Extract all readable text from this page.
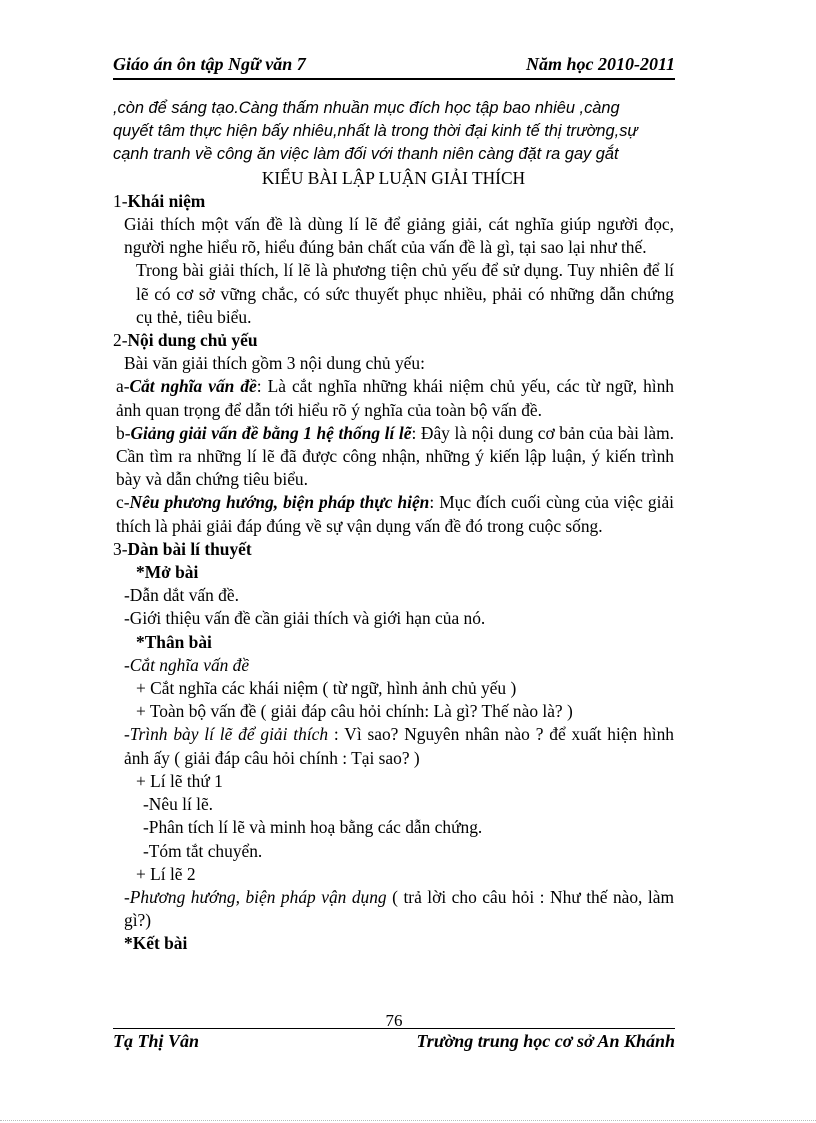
Giáo án ôn tập Ngữ văn 7	Năm học 2010-2011

,còn để sáng tạo.Càng thấm nhuần mục đích học tập bao nhiêu ,càng

quyết tâm thực hiện bấy nhiêu,nhất là trong thời đại kinh tế thị trường,sự

cạnh tranh về công ăn việc làm đối với thanh niên càng đặt ra gay gắt

KIỂU BÀI LẬP LUẬN GIẢI THÍCH

1-Khái niệm

Giải thích một vấn đề là dùng lí lẽ để giảng giải, cát nghĩa giúp người đọc, người nghe hiểu rõ, hiểu đúng bản chất của vấn đề là gì, tại sao lại như thế.

Trong bài giải thích, lí lẽ là phương tiện chủ yếu để sử dụng. Tuy nhiên để lí lẽ có cơ sở vững chắc, có sức thuyết phục nhiều, phải có những dẫn chứng cụ thẻ, tiêu biểu.

2-Nội dung chủ yếu

Bài văn giải thích gồm 3 nội dung chủ yếu:

a-Cắt nghĩa vấn đề: Là cắt nghĩa những khái niệm chủ yếu, các từ ngữ, hình ảnh quan trọng để dẫn tới hiểu rõ ý nghĩa của toàn bộ vấn đề.

b-Giảng giải vấn đề bằng 1 hệ thống lí lẽ: Đây là nội dung cơ bản của bài làm. Cần tìm ra những lí lẽ đã được công nhận, những ý kiến lập luận, ý kiến trình bày và dẫn chứng tiêu biểu.

c-Nêu phương hướng, biện pháp thực hiện: Mục đích cuối cùng của việc giải thích là phải giải đáp đúng về sự vận dụng vấn đề đó trong cuộc sống.

3-Dàn bài lí thuyết

*Mở bài

-Dẫn dắt vấn đề.

-Giới thiệu vấn đề cần giải thích và giới hạn của nó.

*Thân bài

-Cắt nghĩa vấn đề

+ Cắt nghĩa các khái niệm ( từ ngữ, hình ảnh chủ yếu )

+ Toàn bộ vấn đề ( giải đáp câu hỏi chính: Là gì? Thế nào là? )

-Trình bày lí lẽ để giải thích : Vì sao? Nguyên nhân nào ? để xuất hiện hình ảnh ấy ( giải đáp câu hỏi chính : Tại sao? )

+ Lí lẽ thứ 1

-Nêu lí lẽ.

-Phân tích lí lẽ và minh hoạ bằng các dẫn chứng.

-Tóm tắt chuyển.

+ Lí lẽ 2

-Phương hướng, biện pháp vận dụng ( trả lời cho câu hỏi : Như thế nào, làm gì?)

*Kết bài

76
Tạ Thị Vân	Trường trung học cơ sở An Khánh
